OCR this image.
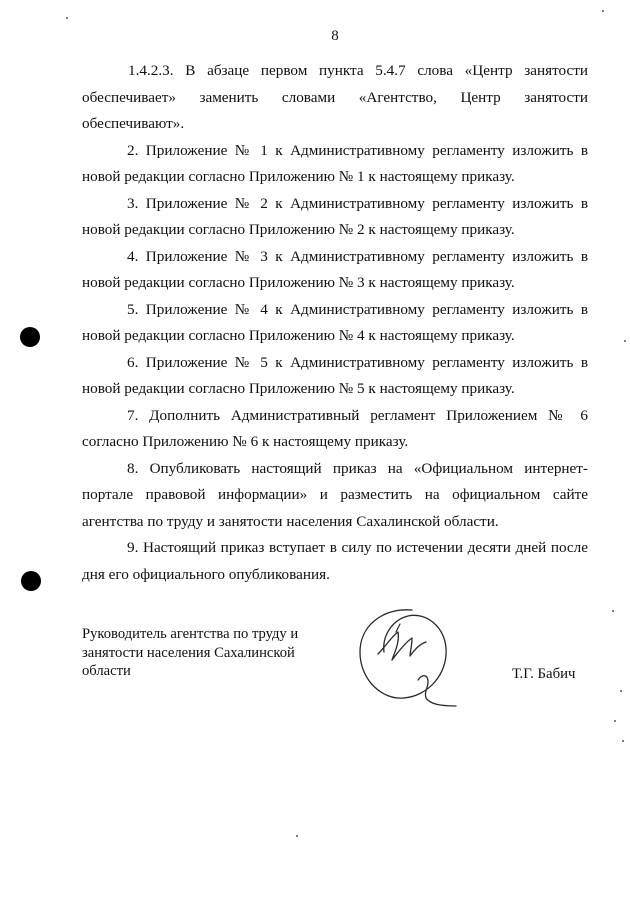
8

1.4.2.3. В абзаце первом пункта 5.4.7 слова «Центр занятости обеспечивает» заменить словами «Агентство, Центр занятости обеспечивают».

2. Приложение № 1 к Административному регламенту изложить в новой редакции согласно Приложению № 1 к настоящему приказу.

3. Приложение № 2 к Административному регламенту изложить в новой редакции согласно Приложению № 2 к настоящему приказу.

4. Приложение № 3 к Административному регламенту изложить в новой редакции согласно Приложению № 3 к настоящему приказу.

5. Приложение № 4 к Административному регламенту изложить в новой редакции согласно Приложению № 4 к настоящему приказу.

6. Приложение № 5 к Административному регламенту изложить в новой редакции согласно Приложению № 5 к настоящему приказу.

7. Дополнить Административный регламент Приложением № 6 согласно Приложению № 6 к настоящему приказу.

8. Опубликовать настоящий приказ на «Официальном интернет-портале правовой информации» и разместить на официальном сайте агентства по труду и занятости населения Сахалинской области.

9. Настоящий приказ вступает в силу по истечении десяти дней после дня его официального опубликования.

Руководитель агентства по труду и
занятости населения Сахалинской
области	Т.Г. Бабич
